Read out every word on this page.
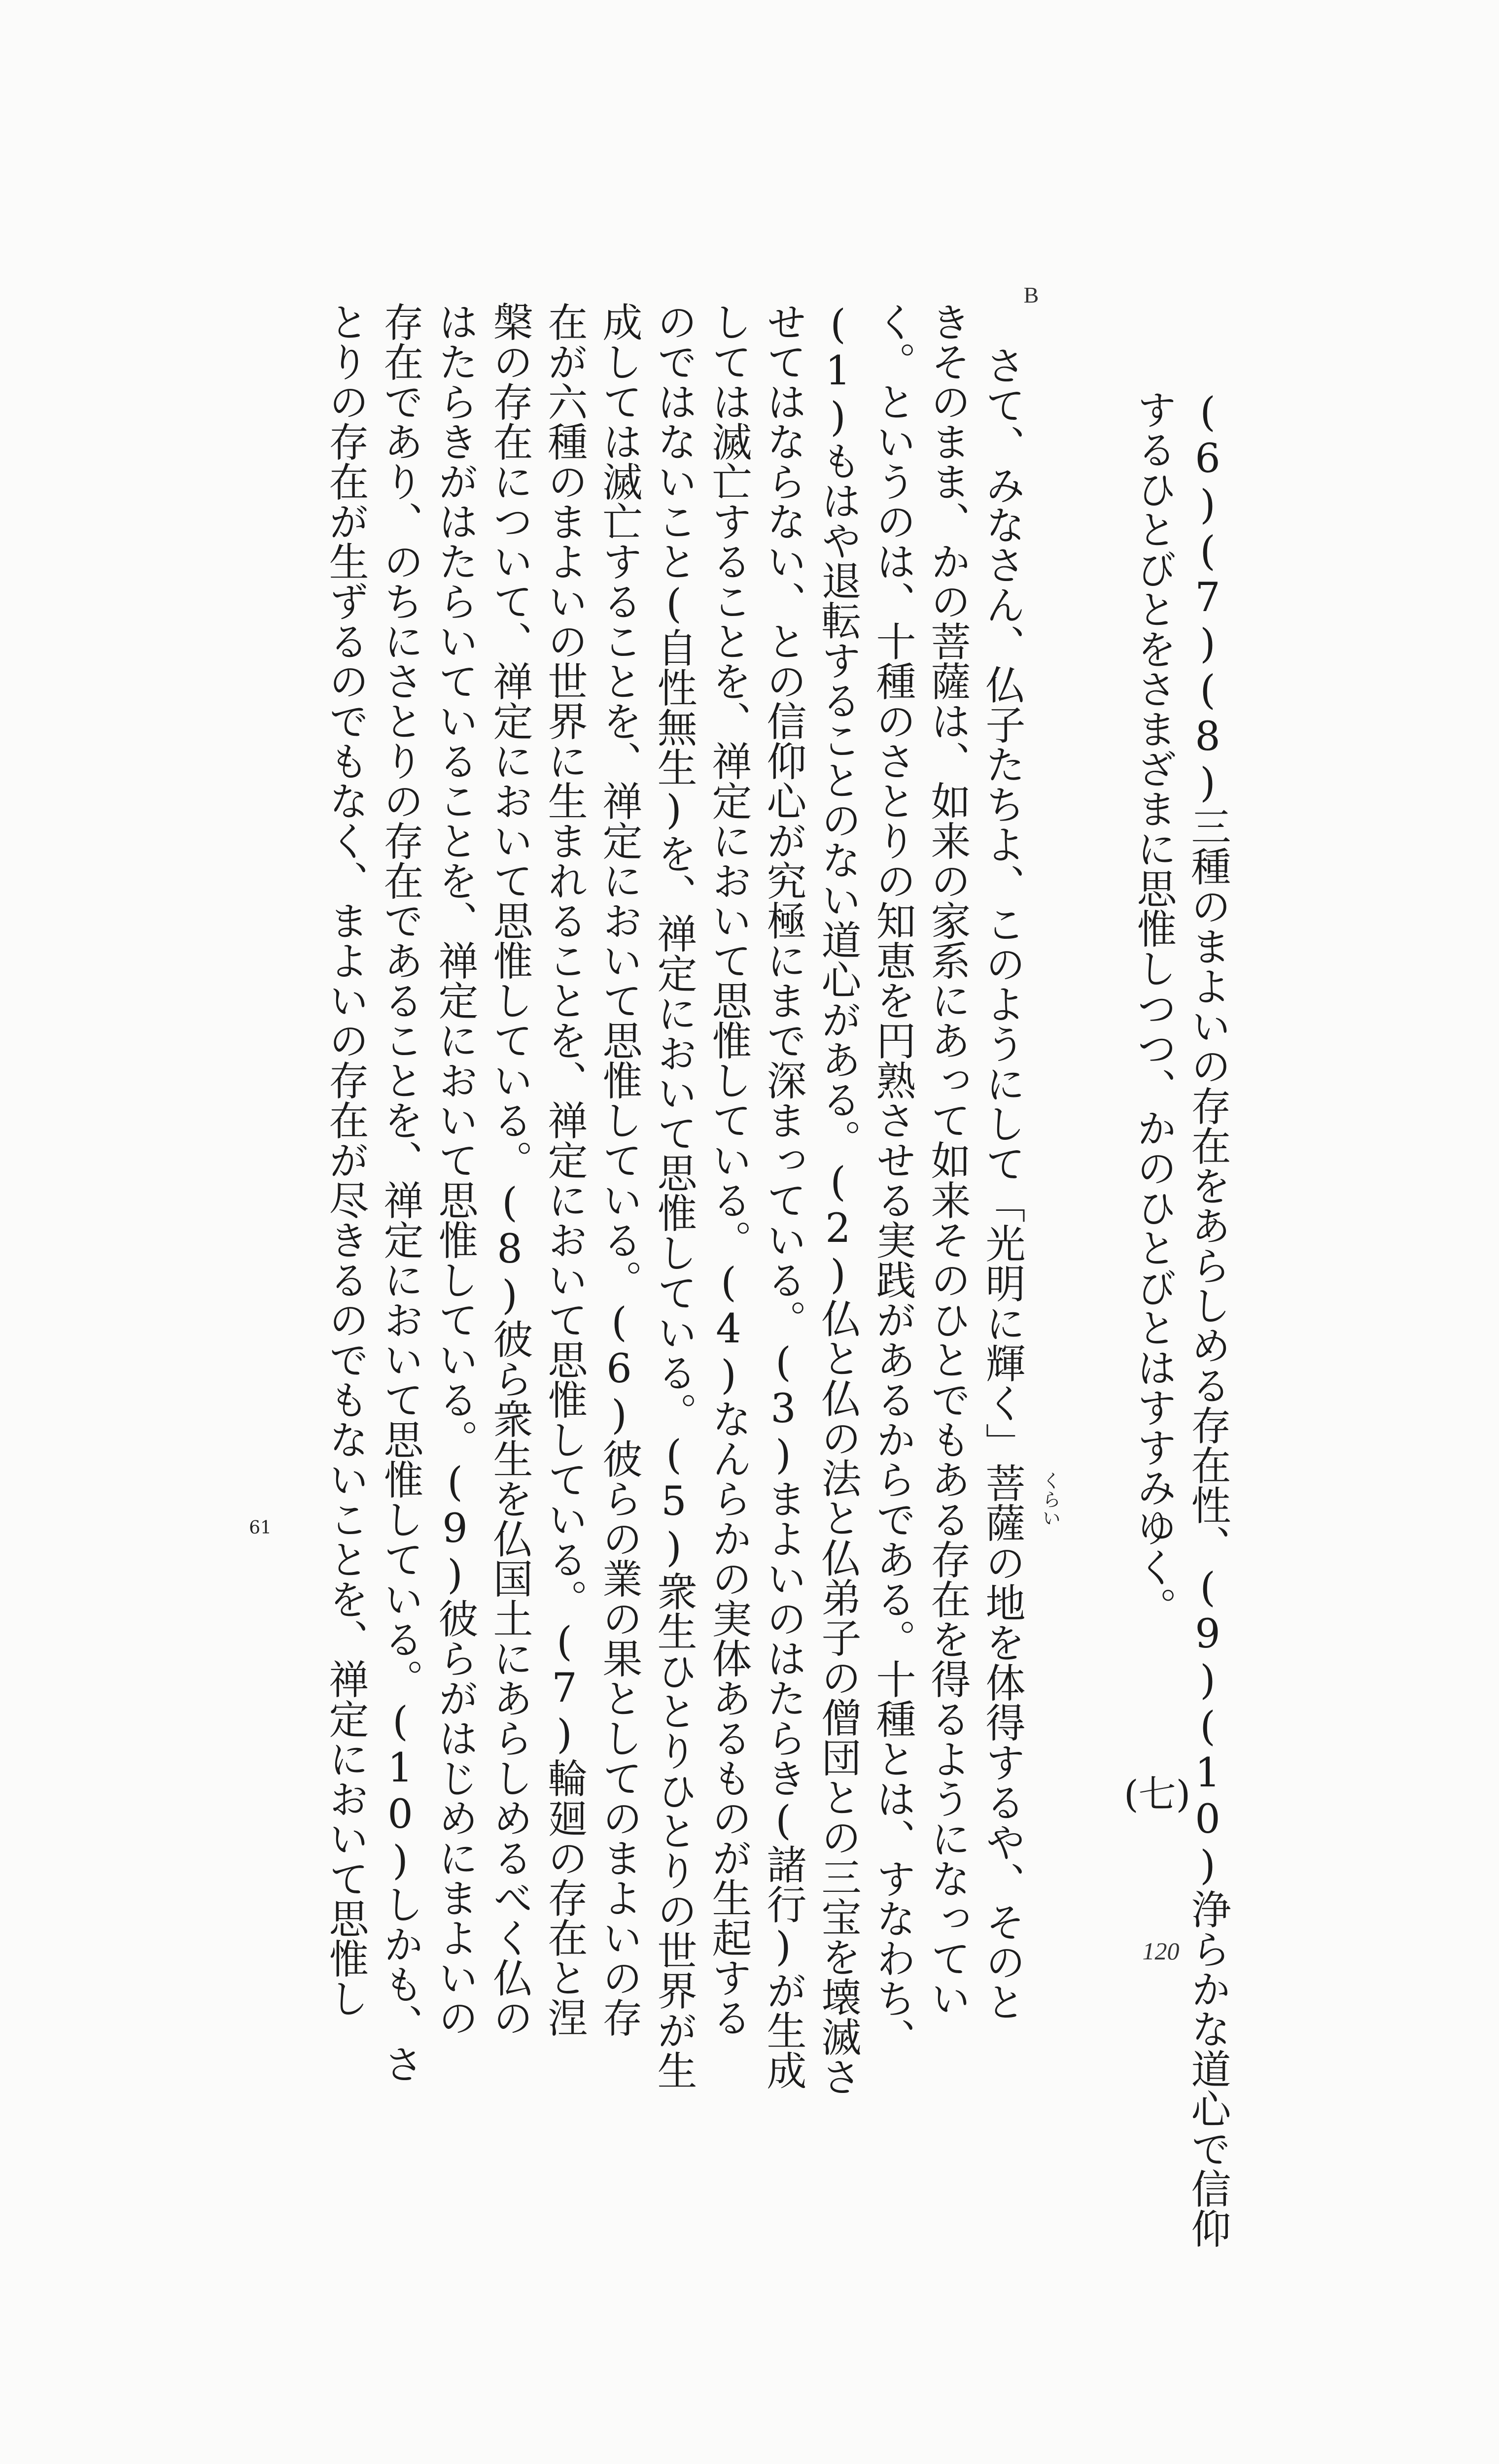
(6)(7)(8)三種のまよいの存在をあらしめる存在性、(9)(10)浄らかな道心で信仰
するひとびとをさまざまに思惟しつつ、かのひとびとはすすみゆく。
B
さて、みなさん、仏子たちよ、このようにして「光明に輝く」菩薩の地を体得するや、そのと
きそのまま、かの菩薩は、如来の家系にあって如来そのひとでもある存在を得るようになってい
く。というのは、十種のさとりの知恵を円熟させる実践があるからである。十種とは、すなわち、
(1)もはや退転することのない道心がある。(2)仏と仏の法と仏弟子の僧団との三宝を壊滅さ
せてはならない、との信仰心が究極にまで深まっている。(3)まよいのはたらき(諸行)が生成
しては滅亡することを、禅定において思惟している。(4)なんらかの実体あるものが生起する
のではないこと(自性無生)を、禅定において思惟している。(5)衆生ひとりひとりの世界が生
成しては滅亡することを、禅定において思惟している。(6)彼らの業の果としてのまよいの存
在が六種のまよいの世界に生まれることを、禅定において思惟している。(7)輪廻の存在と涅
槃の存在について、禅定において思惟している。(8)彼ら衆生を仏国土にあらしめるべく仏の
はたらきがはたらいていることを、禅定において思惟している。(9)彼らがはじめにまよいの
存在であり、のちにさとりの存在であることを、禅定において思惟している。(10)しかも、さ
とりの存在が生ずるのでもなく、まよいの存在が尽きるのでもないことを、禅定において思惟し	くらい
61
(七)
120
